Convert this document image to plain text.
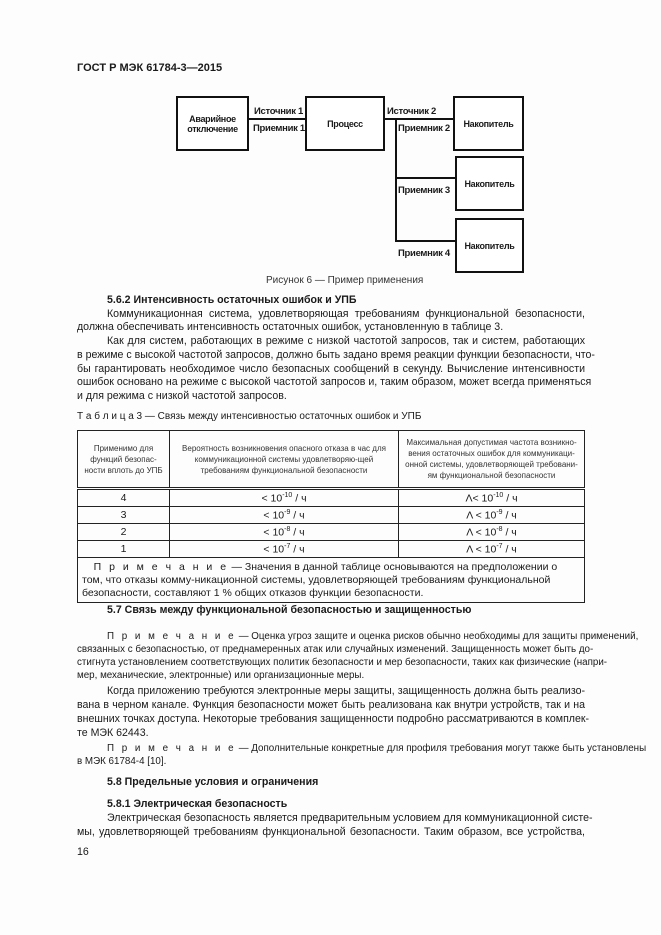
ГОСТ Р МЭК 61784-3—2015
Аварийное отключение	Процесс	Накопитель
Накопитель
Накопитель
Источник 1
Приемник 1
Источник 2
Приемник 2
Приемник 3
Приемник 4
Рисунок 6 — Пример применения
5.6.2 Интенсивность остаточных ошибок и УПБ
Коммуникационная система, удовлетворяющая требованиям функциональной безопасности,
должна обеспечивать интенсивность остаточных ошибок, установленную в таблице 3.
Как для систем, работающих в режиме с низкой частотой запросов, так и систем, работающих
в режиме с высокой частотой запросов, должно быть задано время реакции функции безопасности, что-
бы гарантировать необходимое число безопасных сообщений в секунду. Вычисление интенсивности
ошибок основано на режиме с высокой частотой запросов и, таким образом, может всегда применяться
и для режима с низкой частотой запросов.
Т а б л и ц а 3 — Связь между интенсивностью остаточных ошибок и УПБ
Применимо для функций безопас-ности вплоть до УПБ	Вероятность возникновения опасного отказа в час для коммуникационной системы удовлетворяю-щей требованиям функциональной безопасности	Максимальная допустимая частота возникно-вения остаточных ошибок для коммуникаци-онной системы, удовлетворяющей требовани-ям функциональной безопасности
4	< $10^{-10}$ / ч	$\Lambda< 10^{-10} / ч$
3	< $10^{-9}$ / ч	$\Lambda < 10^{-9} / ч$
2	< $10^{-8}$ / ч	$\Lambda < 10^{-8} / ч$
1	< $10^{-7}$ / ч	$\Lambda < 10^{-7} / ч$
П р и м е ч а н и е — Значения в данной таблице основываются на предположении о том, что отказы комму-никационной системы, удовлетворяющей требованиям функциональной безопасности, составляют 1 % общих отказов функции безопасности.		
5.7 Связь между функциональной безопасностью и защищенностью
П р и м е ч а н и е — Оценка угроз защите и оценка рисков обычно необходимы для защиты применений,
связанных с безопасностью, от преднамеренных атак или случайных изменений. Защищенность может быть до-
стигнута установлением соответствующих политик безопасности и мер безопасности, таких как физические (напри-
мер, механические, электронные) или организационные меры.
Когда приложению требуются электронные меры защиты, защищенность должна быть реализо-
вана в черном канале. Функция безопасности может быть реализована как внутри устройств, так и на
внешних точках доступа. Некоторые требования защищенности подробно рассматриваются в комплек-
те МЭК 62443.
П р и м е ч а н и е — Дополнительные конкретные для профиля требования могут также быть установлены
в МЭК 61784-4 [10].
5.8 Предельные условия и ограничения
5.8.1 Электрическая безопасность
Электрическая безопасность является предварительным условием для коммуникационной систе-
мы, удовлетворяющей требованиям функциональной безопасности. Таким образом, все устройства,
16
